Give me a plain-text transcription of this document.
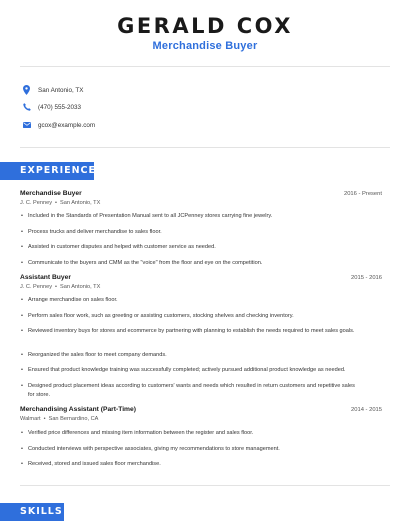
GERALD COX
Merchandise Buyer
San Antonio, TX
(470) 555-2033
gcox@example.com
EXPERIENCE
Merchandise Buyer	2016 - Present
J. C. Penney • San Antonio, TX
• Included in the Standards of Presentation Manual sent to all JCPenney stores carrying fine jewelry.
• Process trucks and deliver merchandise to sales floor.
• Assisted in customer disputes and helped with customer service as needed.
• Communicate to the buyers and CMM as the "voice" from the floor and eye on the competition.
Assistant Buyer	2015 - 2016
J. C. Penney • San Antonio, TX
• Arrange merchandise on sales floor.
• Perform sales floor work, such as greeting or assisting customers, stocking shelves and checking inventory.
• Reviewed inventory buys for stores and ecommerce by partnering with planning to establish the needs required to meet sales goals.
• Reorganized the sales floor to meet company demands.
• Ensured that product knowledge training was successfully completed; actively pursued additional product knowledge as needed.
• Designed product placement ideas according to customers' wants and needs which resulted in return customers and repetitive sales for store.
Merchandising Assistant (Part-Time)	2014 - 2015
Walmart • San Bernardino, CA
• Verified price differences and missing item information between the register and sales floor.
• Conducted interviews with perspective associates, giving my recommendations to store management.
• Received, stored and issued sales floor merchandise.
SKILLS
